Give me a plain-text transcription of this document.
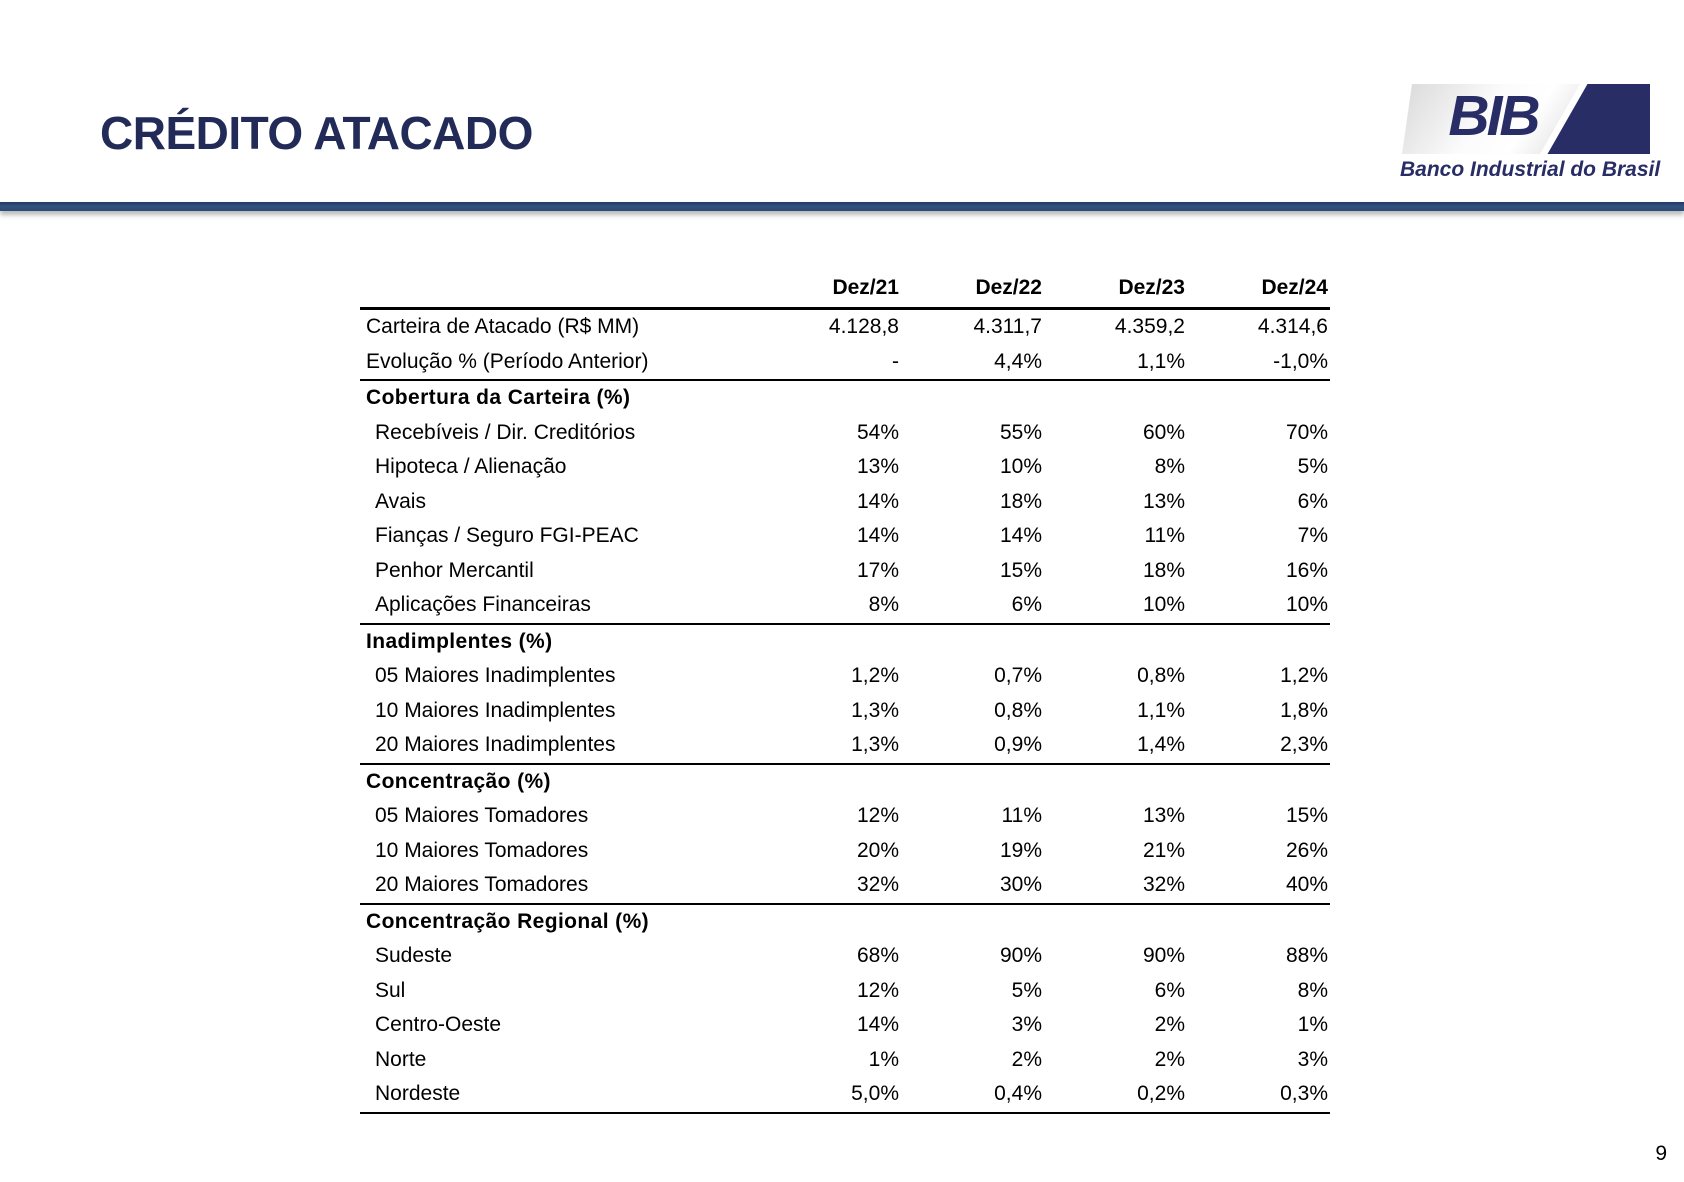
CRÉDITO ATACADO	BIB
Banco Industrial do Brasil
	Dez/21	Dez/22	Dez/23	Dez/24
Carteira de Atacado (R$ MM)	4.128,8	4.311,7	4.359,2	4.314,6
Evolução % (Período Anterior)	-	4,4%	1,1%	-1,0%
Cobertura da Carteira (%)				
Recebíveis / Dir. Creditórios	54%	55%	60%	70%
Hipoteca / Alienação	13%	10%	8%	5%
Avais	14%	18%	13%	6%
Fianças / Seguro FGI-PEAC	14%	14%	11%	7%
Penhor Mercantil	17%	15%	18%	16%
Aplicações Financeiras	8%	6%	10%	10%
Inadimplentes (%)				
05 Maiores Inadimplentes	1,2%	0,7%	0,8%	1,2%
10 Maiores Inadimplentes	1,3%	0,8%	1,1%	1,8%
20 Maiores Inadimplentes	1,3%	0,9%	1,4%	2,3%
Concentração (%)				
05 Maiores Tomadores	12%	11%	13%	15%
10 Maiores Tomadores	20%	19%	21%	26%
20 Maiores Tomadores	32%	30%	32%	40%
Concentração Regional (%)				
Sudeste	68%	90%	90%	88%
Sul	12%	5%	6%	8%
Centro-Oeste	14%	3%	2%	1%
Norte	1%	2%	2%	3%
Nordeste	5,0%	0,4%	0,2%	0,3%
9
